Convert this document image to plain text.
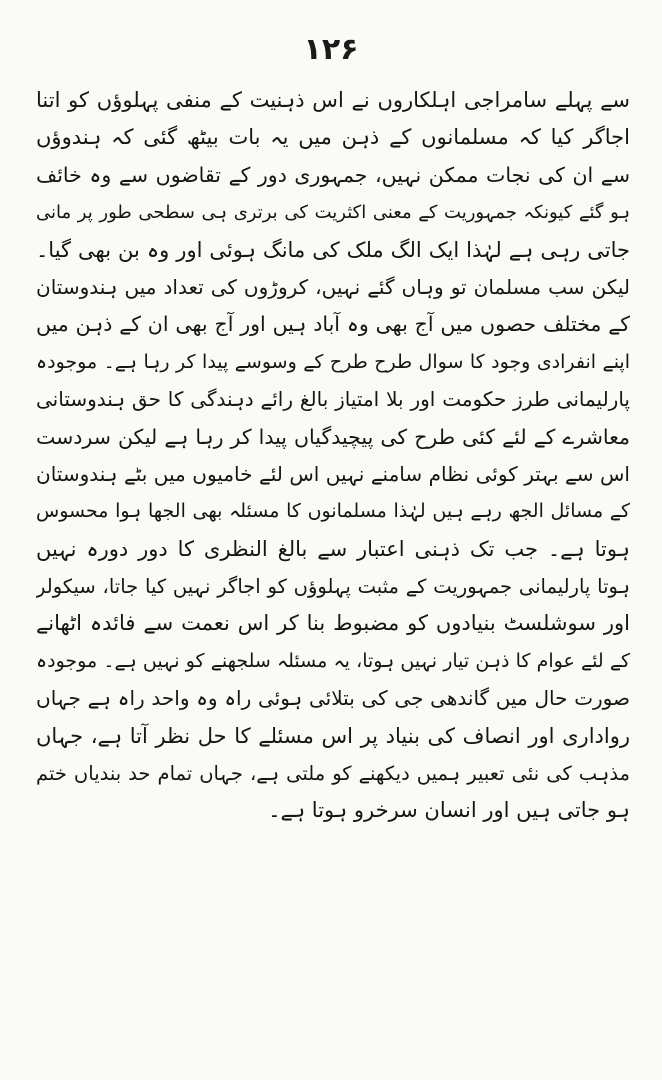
۱۲۶
سے پہلے سامراجی اہلکاروں نے اس ذہنیت کے منفی پہلوؤں کو اتنا
اجاگر کیا کہ مسلمانوں کے ذہن میں یہ بات بیٹھ گئی کہ ہندوؤں
سے ان کی نجات ممکن نہیں، جمہوری دور کے تقاضوں سے وہ خائف
ہو گئے کیونکہ جمہوریت کے معنی اکثریت کی برتری ہی سطحی طور پر مانی
جاتی رہی ہے لہٰذا ایک الگ ملک کی مانگ ہوئی اور وہ بن بھی گیا۔
لیکن سب مسلمان تو وہاں گئے نہیں، کروڑوں کی تعداد میں ہندوستان
کے مختلف حصوں میں آج بھی وہ آباد ہیں اور آج بھی ان کے ذہن میں
اپنے انفرادی وجود کا سوال طرح طرح کے وسوسے پیدا کر رہا ہے۔ موجودہ
پارلیمانی طرز حکومت اور بلا امتیاز بالغ رائے دہندگی کا حق ہندوستانی
معاشرے کے لئے کئی طرح کی پیچیدگیاں پیدا کر رہا ہے لیکن سردست
اس سے بہتر کوئی نظام سامنے نہیں اس لئے خامیوں میں بٹے ہندوستان
کے مسائل الجھ رہے ہیں لہٰذا مسلمانوں کا مسئلہ بھی الجھا ہوا محسوس
ہوتا ہے۔ جب تک ذہنی اعتبار سے بالغ النظری کا دور دورہ نہیں
ہوتا پارلیمانی جمہوریت کے مثبت پہلوؤں کو اجاگر نہیں کیا جاتا، سیکولر
اور سوشلسٹ بنیادوں کو مضبوط بنا کر اس نعمت سے فائدہ اٹھانے
کے لئے عوام کا ذہن تیار نہیں ہوتا، یہ مسئلہ سلجھنے کو نہیں ہے۔ موجودہ
صورت حال میں گاندھی جی کی بتلائی ہوئی راہ وہ واحد راہ ہے جہاں
رواداری اور انصاف کی بنیاد پر اس مسئلے کا حل نظر آتا ہے، جہاں
مذہب کی نئی تعبیر ہمیں دیکھنے کو ملتی ہے، جہاں تمام حد بندیاں ختم
ہو جاتی ہیں اور انسان سرخرو ہوتا ہے۔
